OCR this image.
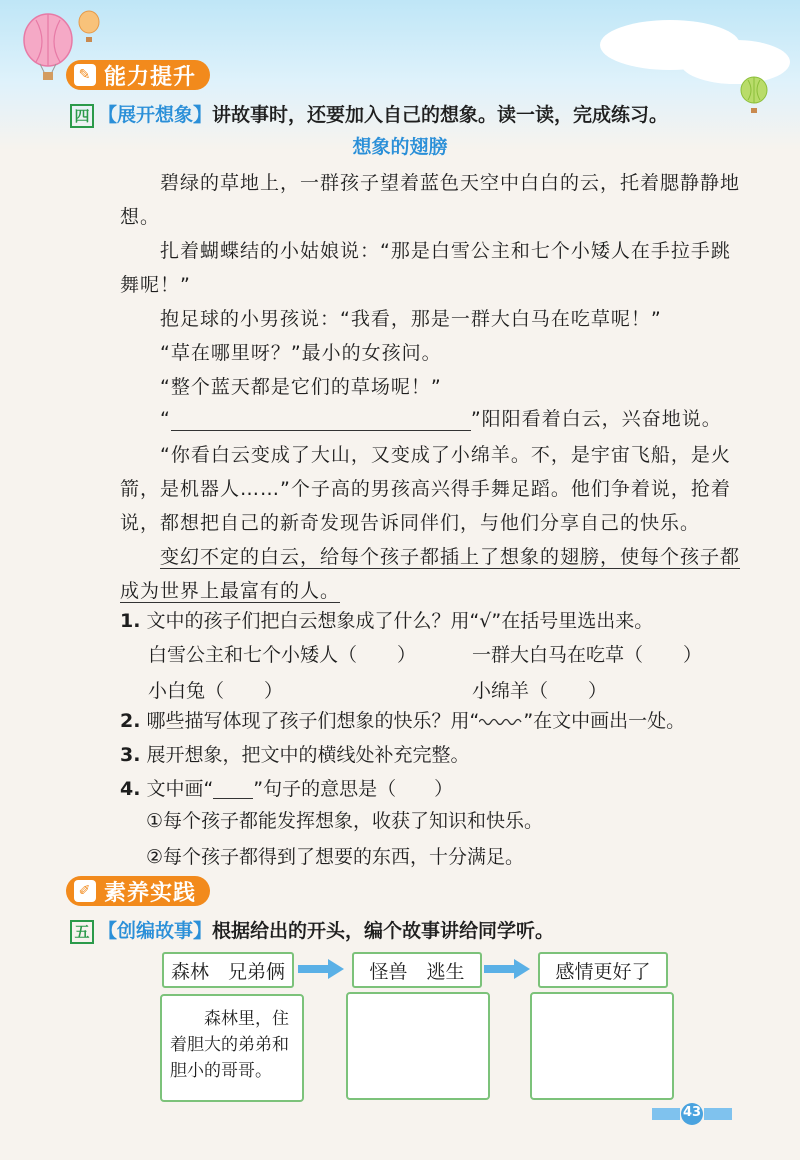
✎ 能力提升
四 【展开想象】讲故事时，还要加入自己的想象。读一读，完成练习。
想象的翅膀
碧绿的草地上，一群孩子望着蓝色天空中白白的云，托着腮静静地想。
扎着蝴蝶结的小姑娘说：“那是白雪公主和七个小矮人在手拉手跳舞呢！”
抱足球的小男孩说：“我看，那是一群大白马在吃草呢！”
“草在哪里呀？”最小的女孩问。
“整个蓝天都是它们的草场呢！”
“	”阳阳看着白云，兴奋地说。
“你看白云变成了大山，又变成了小绵羊。不，是宇宙飞船，是火箭，是机器人……”个子高的男孩高兴得手舞足蹈。他们争着说，抢着说，都想把自己的新奇发现告诉同伴们，与他们分享自己的快乐。
变幻不定的白云，给每个孩子都插上了想象的翅膀，使每个孩子都成为世界上最富有的人。
1. 文中的孩子们把白云想象成了什么？用“√”在括号里选出来。
白雪公主和七个小矮人（ ）	一群大白马在吃草（ ）
小白兔（ ）	小绵羊（ ）
2. 哪些描写体现了孩子们想象的快乐？用“ ”在文中画出一处。
3. 展开想象，把文中的横线处补充完整。
4. 文中画“ ”句子的意思是（　　）
①每个孩子都能发挥想象，收获了知识和快乐。
②每个孩子都得到了想要的东西，十分满足。
✐ 素养实践
五 【创编故事】根据给出的开头，编个故事讲给同学听。
森林　兄弟俩	怪兽　逃生	感情更好了
森林里，住着胆大的弟弟和胆小的哥哥。
43
